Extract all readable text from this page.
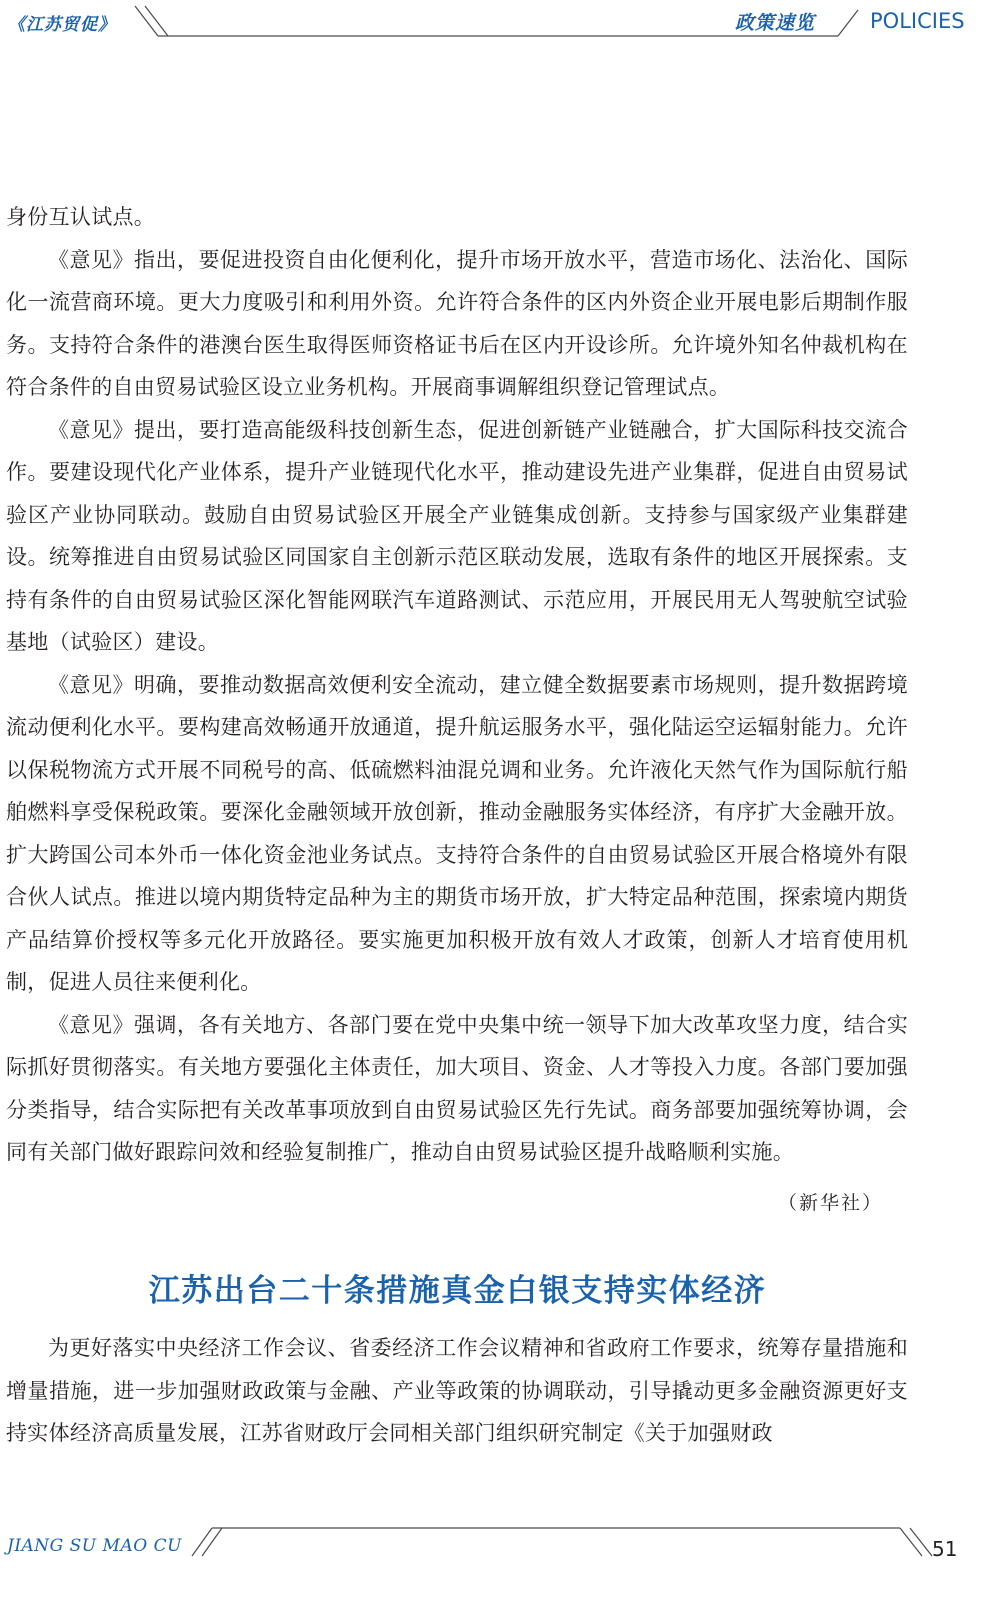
《江苏贸促》	政策速览	POLICIES

身份互认试点。

《意见》指出，要促进投资自由化便利化，提升市场开放水平，营造市场化、法治化、国际化一流营商环境。更大力度吸引和利用外资。允许符合条件的区内外资企业开展电影后期制作服务。支持符合条件的港澳台医生取得医师资格证书后在区内开设诊所。允许境外知名仲裁机构在符合条件的自由贸易试验区设立业务机构。开展商事调解组织登记管理试点。

《意见》提出，要打造高能级科技创新生态，促进创新链产业链融合，扩大国际科技交流合作。要建设现代化产业体系，提升产业链现代化水平，推动建设先进产业集群，促进自由贸易试验区产业协同联动。鼓励自由贸易试验区开展全产业链集成创新。支持参与国家级产业集群建设。统筹推进自由贸易试验区同国家自主创新示范区联动发展，选取有条件的地区开展探索。支持有条件的自由贸易试验区深化智能网联汽车道路测试、示范应用，开展民用无人驾驶航空试验基地（试验区）建设。

《意见》明确，要推动数据高效便利安全流动，建立健全数据要素市场规则，提升数据跨境流动便利化水平。要构建高效畅通开放通道，提升航运服务水平，强化陆运空运辐射能力。允许以保税物流方式开展不同税号的高、低硫燃料油混兑调和业务。允许液化天然气作为国际航行船舶燃料享受保税政策。要深化金融领域开放创新，推动金融服务实体经济，有序扩大金融开放。扩大跨国公司本外币一体化资金池业务试点。支持符合条件的自由贸易试验区开展合格境外有限合伙人试点。推进以境内期货特定品种为主的期货市场开放，扩大特定品种范围，探索境内期货产品结算价授权等多元化开放路径。要实施更加积极开放有效人才政策，创新人才培育使用机制，促进人员往来便利化。

《意见》强调，各有关地方、各部门要在党中央集中统一领导下加大改革攻坚力度，结合实际抓好贯彻落实。有关地方要强化主体责任，加大项目、资金、人才等投入力度。各部门要加强分类指导，结合实际把有关改革事项放到自由贸易试验区先行先试。商务部要加强统筹协调，会同有关部门做好跟踪问效和经验复制推广，推动自由贸易试验区提升战略顺利实施。

（新华社）
江苏出台二十条措施真金白银支持实体经济

为更好落实中央经济工作会议、省委经济工作会议精神和省政府工作要求，统筹存量措施和增量措施，进一步加强财政政策与金融、产业等政策的协调联动，引导撬动更多金融资源更好支持实体经济高质量发展，江苏省财政厅会同相关部门组织研究制定《关于加强财政

JIANG SU MAO CU	51
